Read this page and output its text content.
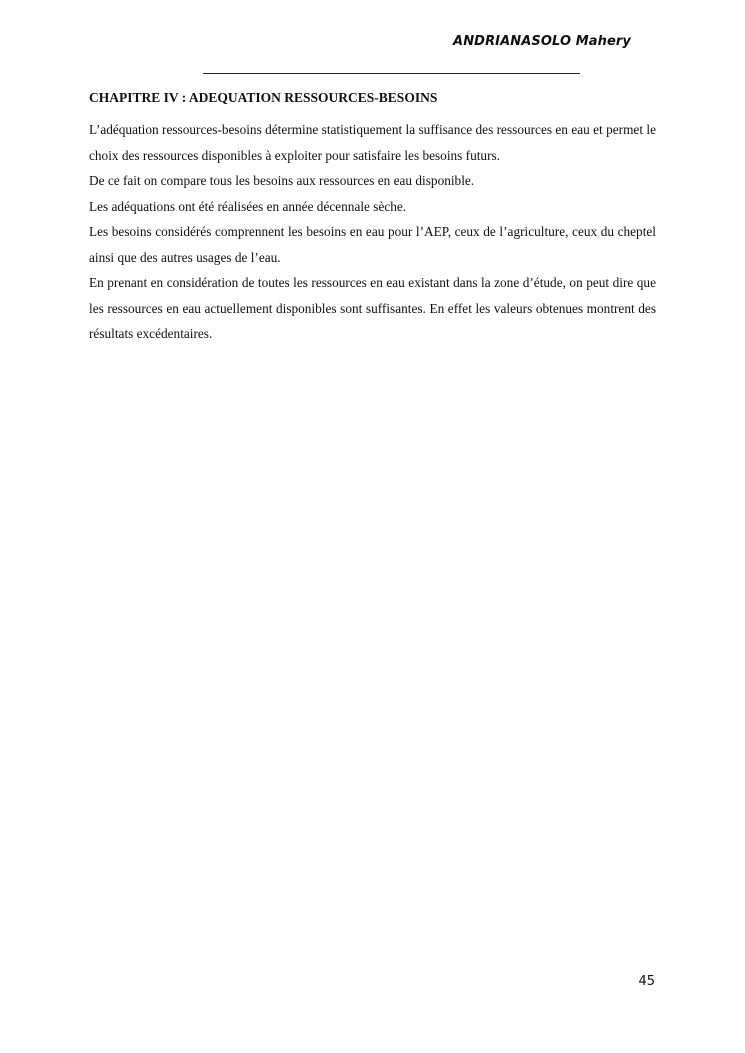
ANDRIANASOLO Mahery
CHAPITRE IV : ADEQUATION RESSOURCES-BESOINS

L’adéquation ressources-besoins détermine statistiquement la suffisance des ressources en eau et permet le choix des ressources disponibles à exploiter pour satisfaire les besoins futurs.

De ce fait on compare tous les besoins aux ressources en eau disponible.

Les adéquations ont été réalisées en année décennale sèche.

Les besoins considérés comprennent les besoins en eau pour l’AEP, ceux de l’agriculture, ceux du cheptel ainsi que des autres usages de l’eau.

En prenant en considération de toutes les ressources en eau existant dans la zone d’étude, on peut dire que les ressources en eau actuellement disponibles sont suffisantes. En effet les valeurs obtenues montrent des résultats excédentaires.

45
